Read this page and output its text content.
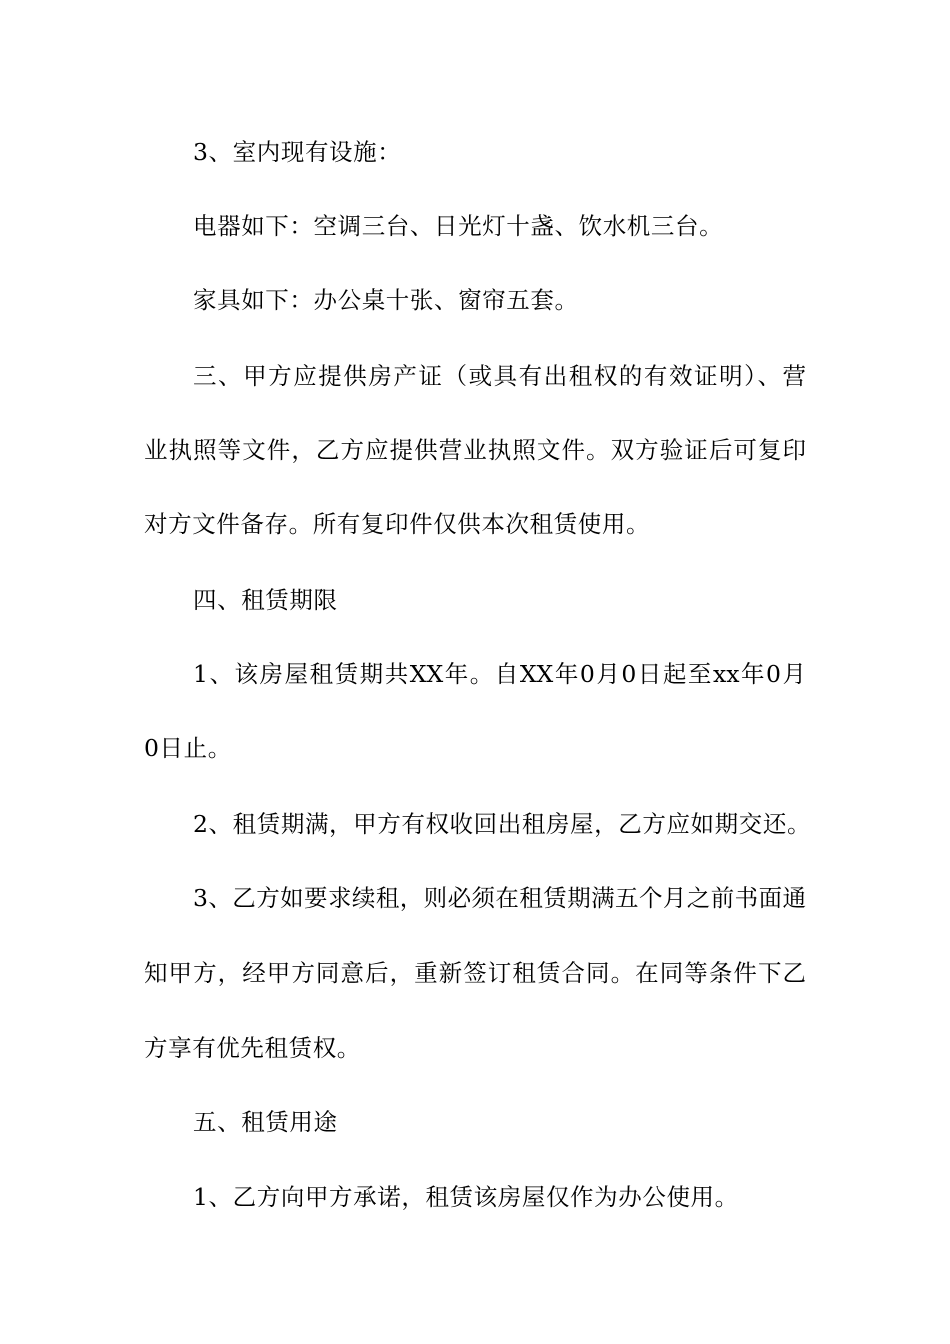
3、室内现有设施：
电器如下：空调三台、日光灯十盏、饮水机三台。
家具如下：办公桌十张、窗帘五套。
三、甲方应提供房产证（或具有出租权的有效证明）、营
业执照等文件，乙方应提供营业执照文件。双方验证后可复印
对方文件备存。所有复印件仅供本次租赁使用。
四、租赁期限
1、该房屋租赁期共XX年。自XX年0月0日起至xx年0月
0日止。
2、租赁期满，甲方有权收回出租房屋，乙方应如期交还。
3、乙方如要求续租，则必须在租赁期满五个月之前书面通
知甲方，经甲方同意后，重新签订租赁合同。在同等条件下乙
方享有优先租赁权。
五、租赁用途
1、乙方向甲方承诺，租赁该房屋仅作为办公使用。
